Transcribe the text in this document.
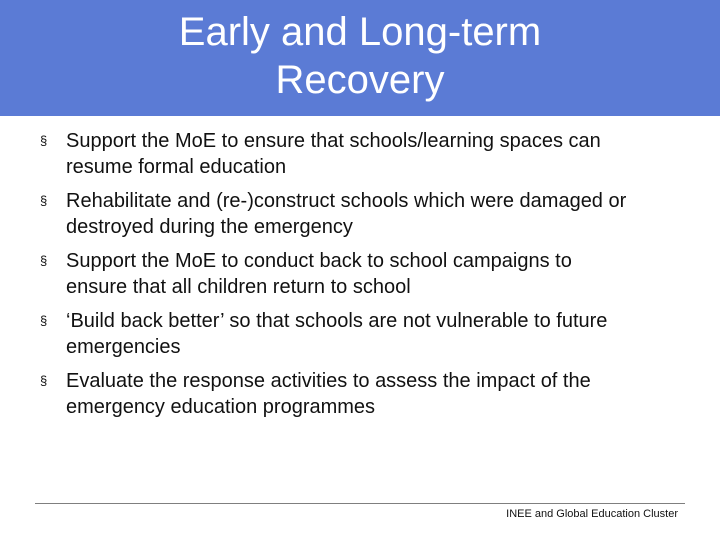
Early and Long-term
Recovery
§ Support the MoE to ensure that schools/learning spaces can
resume formal education
§ Rehabilitate and (re-)construct schools which were damaged or
destroyed during the emergency
§ Support the MoE to conduct back to school campaigns to
ensure that all children return to school
§ ‘Build back better’ so that schools are not vulnerable to future
emergencies
§ Evaluate the response activities to assess the impact of the
emergency education programmes
INEE and Global Education Cluster
